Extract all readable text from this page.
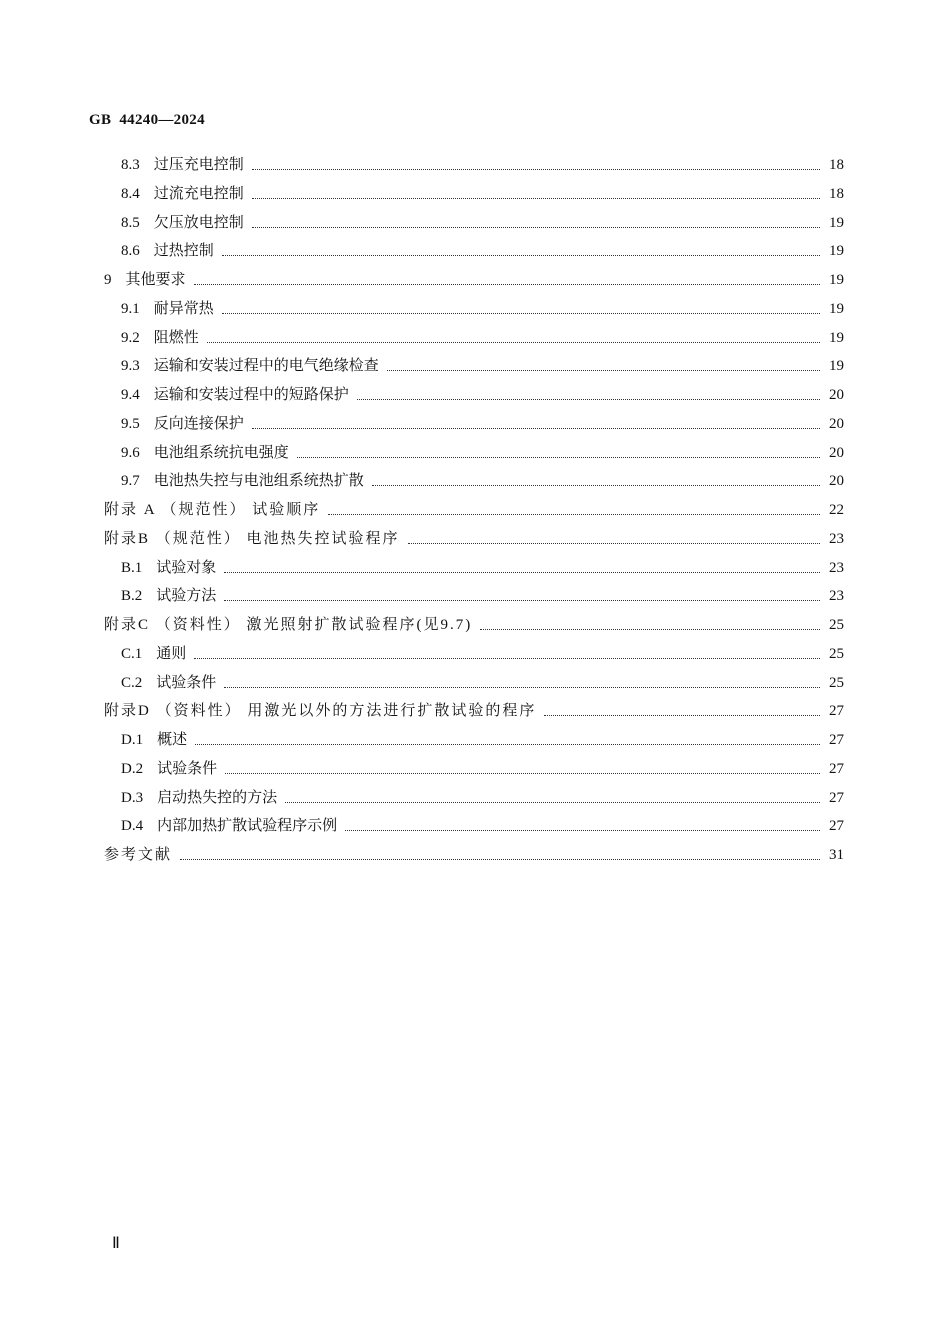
GB  44240—2024
8.3 过压充电控制	18
8.4 过流充电控制	18
8.5 欠压放电控制	19
8.6 过热控制	19
9 其他要求	19
9.1 耐异常热	19
9.2 阻燃性	19
9.3 运输和安装过程中的电气绝缘检查	19
9.4 运输和安装过程中的短路保护	20
9.5 反向连接保护	20
9.6 电池组系统抗电强度	20
9.7 电池热失控与电池组系统热扩散	20
附录 A （规范性） 试验顺序	22
附录B （规范性） 电池热失控试验程序	23
B.1 试验对象	23
B.2 试验方法	23
附录C （资料性） 激光照射扩散试验程序(见9.7)	25
C.1 通则	25
C.2 试验条件	25
附录D （资料性） 用激光以外的方法进行扩散试验的程序	27
D.1 概述	27
D.2 试验条件	27
D.3 启动热失控的方法	27
D.4 内部加热扩散试验程序示例	27
参考文献	31
Ⅱ
